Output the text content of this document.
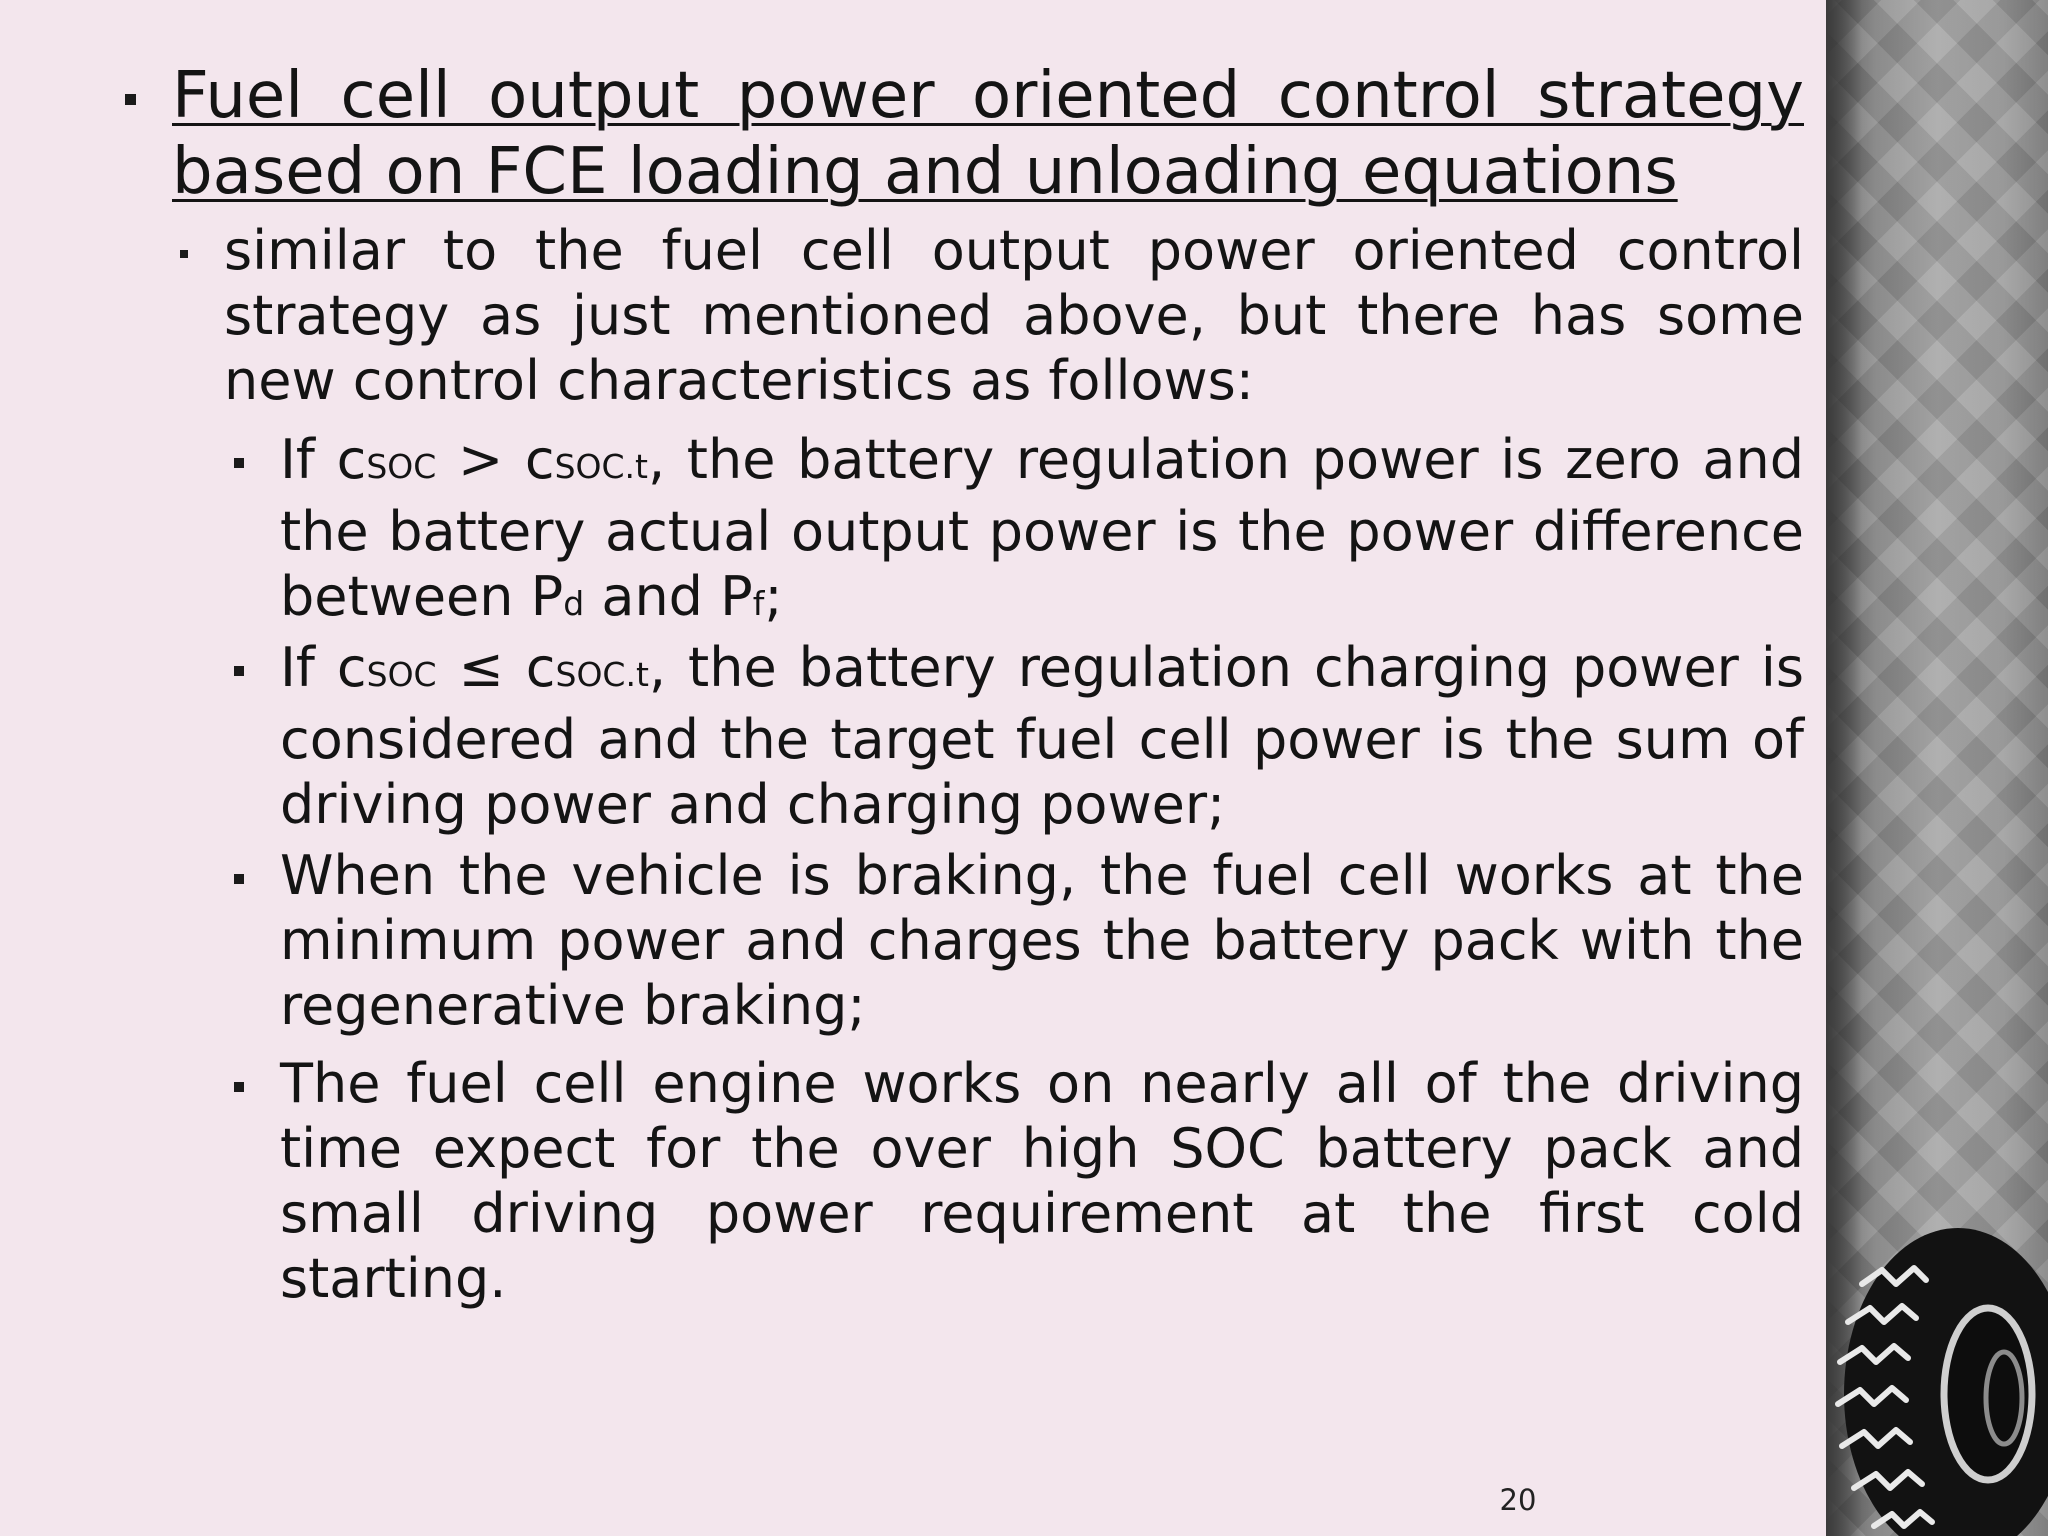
Fuel cell output power oriented control strategy based on FCE loading and unloading equations
similar to the fuel cell output power oriented control strategy as just mentioned above, but there has some new control characteristics as follows:
If cSOC > cSOC.t, the battery regulation power is zero and the battery actual output power is the power difference between Pd and Pf;
If cSOC ≤ cSOC.t, the battery regulation charging power is considered and the target fuel cell power is the sum of driving power and charging power;
When the vehicle is braking, the fuel cell works at the minimum power and charges the battery pack with the regenerative braking;
The fuel cell engine works on nearly all of the driving time expect for the over high SOC battery pack and small driving power requirement at the first cold starting.
20
